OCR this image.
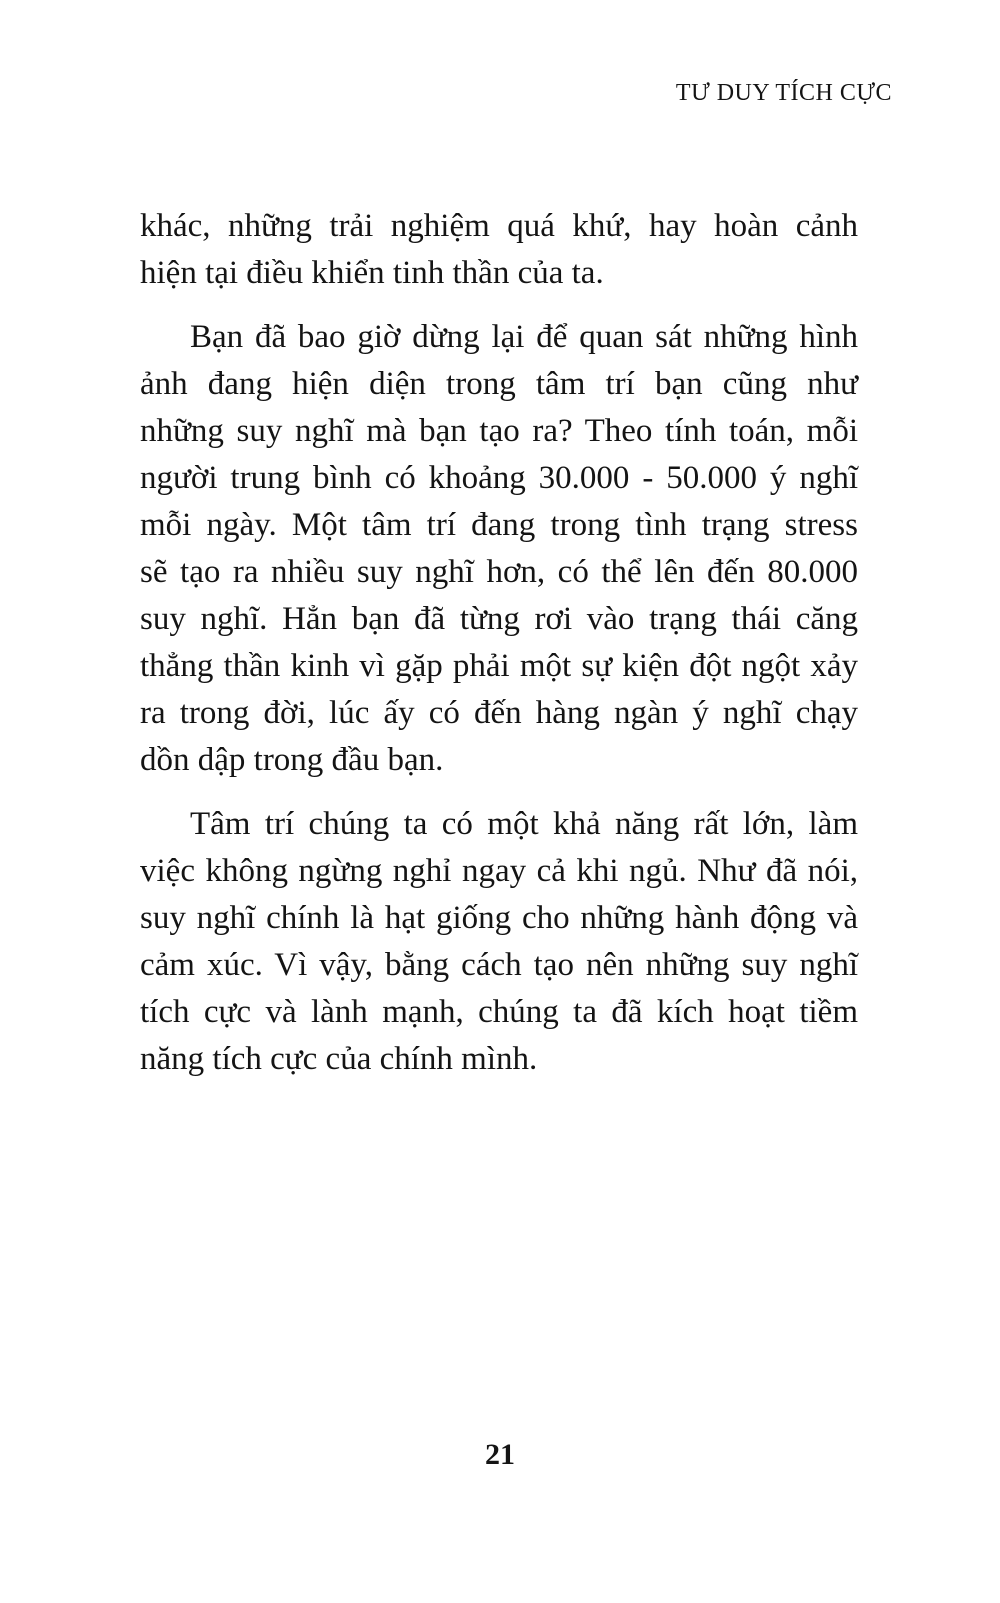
TƯ DUY TÍCH CỰC
khác, những trải nghiệm quá khứ, hay hoàn cảnh
hiện tại điều khiển tinh thần của ta.
Bạn đã bao giờ dừng lại để quan sát những hình
ảnh đang hiện diện trong tâm trí bạn cũng như
những suy nghĩ mà bạn tạo ra? Theo tính toán, mỗi
người trung bình có khoảng 30.000 - 50.000 ý nghĩ
mỗi ngày. Một tâm trí đang trong tình trạng stress
sẽ tạo ra nhiều suy nghĩ hơn, có thể lên đến 80.000
suy nghĩ. Hẳn bạn đã từng rơi vào trạng thái căng
thẳng thần kinh vì gặp phải một sự kiện đột ngột xảy
ra trong đời, lúc ấy có đến hàng ngàn ý nghĩ chạy
dồn dập trong đầu bạn.
Tâm trí chúng ta có một khả năng rất lớn, làm
việc không ngừng nghỉ ngay cả khi ngủ. Như đã nói,
suy nghĩ chính là hạt giống cho những hành động và
cảm xúc. Vì vậy, bằng cách tạo nên những suy nghĩ
tích cực và lành mạnh, chúng ta đã kích hoạt tiềm
năng tích cực của chính mình.
21
